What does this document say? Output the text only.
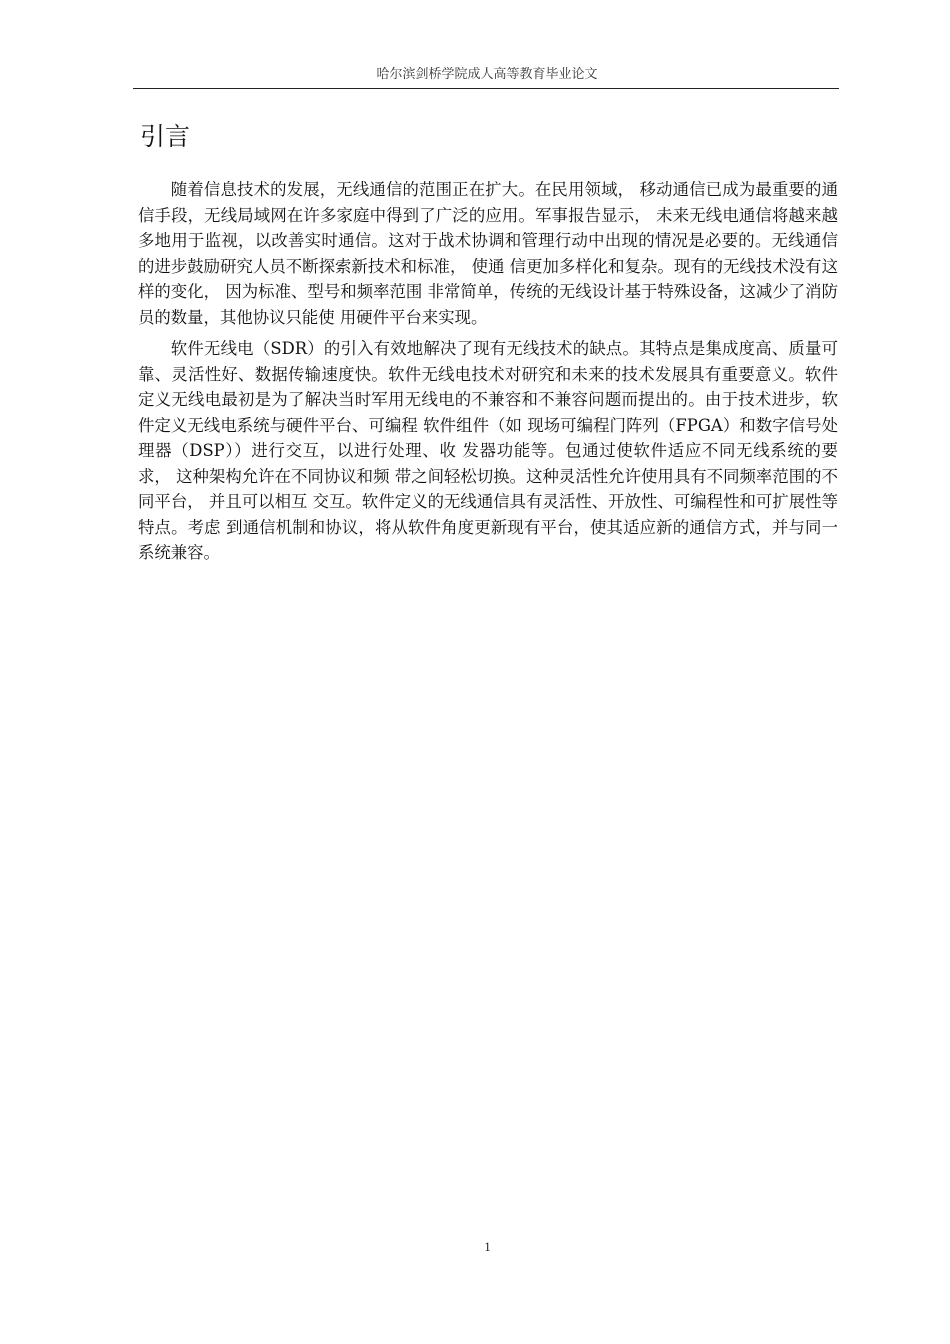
哈尔滨剑桥学院成人高等教育毕业论文
引言

随着信息技术的发展，无线通信的范围正在扩大。在民用领域， 移动通信已成为最重要的通信手段，无线局域网在许多家庭中得到了广泛的应用。军事报告显示， 未来无线电通信将越来越多地用于监视，以改善实时通信。这对于战术协调和管理行动中出现的情况是必要的。无线通信的进步鼓励研究人员不断探索新技术和标准， 使通 信更加多样化和复杂。现有的无线技术没有这样的变化， 因为标准、型号和频率范围 非常简单，传统的无线设计基于特殊设备，这减少了消防员的数量，其他协议只能使 用硬件平台来实现。

软件无线电（SDR）的引入有效地解决了现有无线技术的缺点。其特点是集成度高、质量可靠、灵活性好、数据传输速度快。软件无线电技术对研究和未来的技术发展具有重要意义。软件定义无线电最初是为了解决当时军用无线电的不兼容和不兼容问题而提出的。由于技术进步，软件定义无线电系统与硬件平台、可编程 软件组件（如 现场可编程门阵列（FPGA）和数字信号处理器（DSP））进行交互，以进行处理、收 发器功能等。包通过使软件适应不同无线系统的要求， 这种架构允许在不同协议和频 带之间轻松切换。这种灵活性允许使用具有不同频率范围的不同平台， 并且可以相互 交互。软件定义的无线通信具有灵活性、开放性、可编程性和可扩展性等特点。考虑 到通信机制和协议，将从软件角度更新现有平台，使其适应新的通信方式，并与同一 系统兼容。

1
